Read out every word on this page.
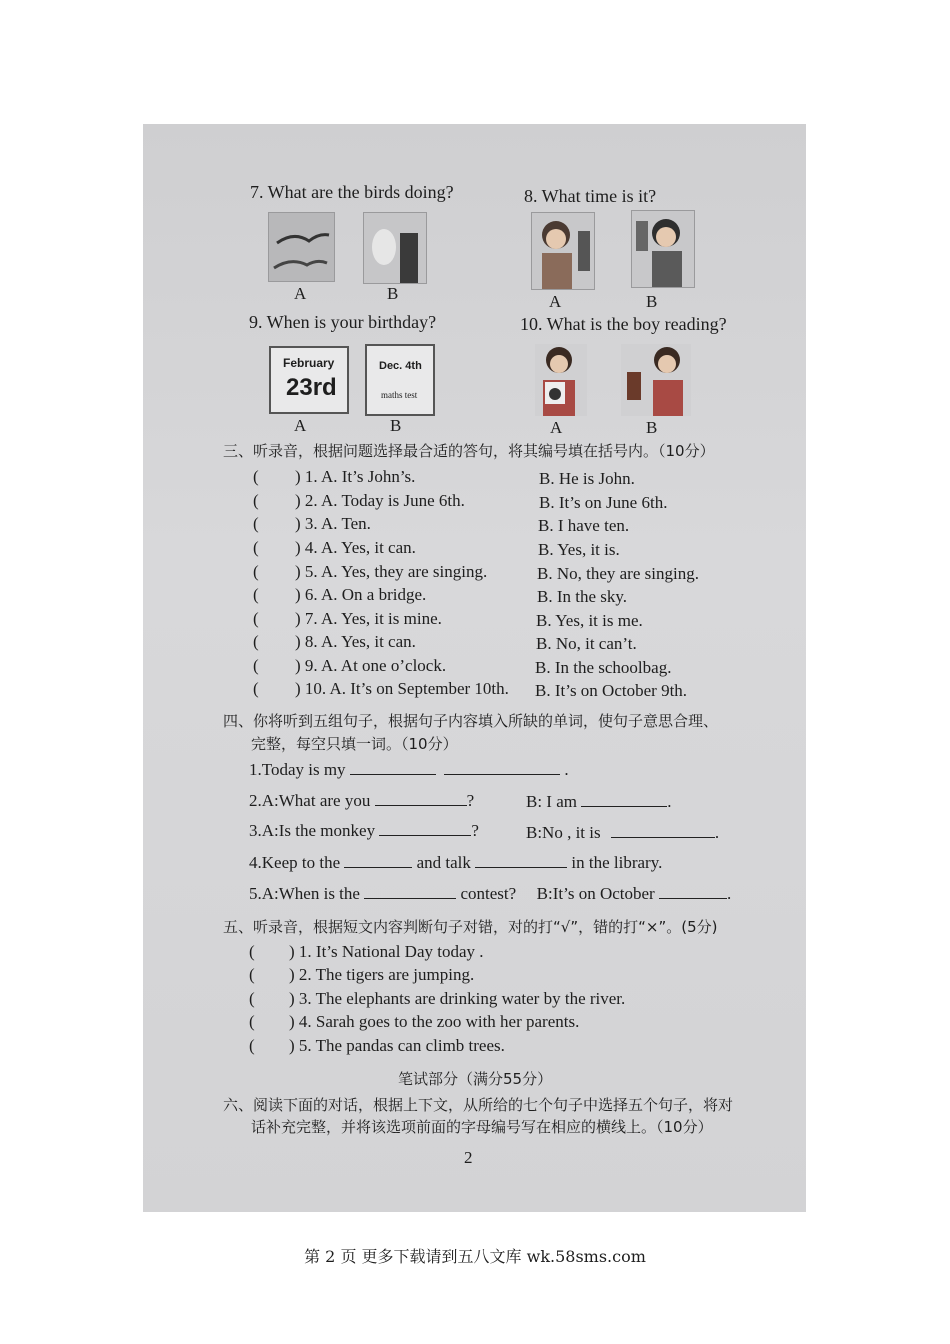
7. What are the birds doing?
A	B
8. What time is it?
A	B
9. When is your birthday?
February
23rd
Dec. 4th
maths test
A	B
10. What is the boy reading?
A	B
三、听录音，根据问题选择最合适的答句，将其编号填在括号内。（10分）
( ) 1. A. It’s John’s.	B. He is John.
( ) 2. A. Today is June 6th.	B. It’s on June 6th.
( ) 3. A. Ten.	B. I have ten.
( ) 4. A. Yes, it can.	B. Yes, it is.
( ) 5. A. Yes, they are singing.	B. No, they are singing.
( ) 6. A. On a bridge.	B. In the sky.
( ) 7. A. Yes, it is mine.	B. Yes, it is me.
( ) 8. A. Yes, it can.	B. No, it can’t.
( ) 9. A. At one o’clock.	B. In the schoolbag.
( ) 10. A. It’s on September 10th. B. It’s on October 9th.
四、你将听到五组句子，根据句子内容填入所缺的单词，使句子意思合理、
完整，每空只填一词。（10分）
1.Today is my	.
2.A:What are you	?	B: I am	.
3.A:Is the monkey	?	B:No , it is	.
4.Keep to the	and talk	in the library.
5.A:When is the	contest? B:It’s on October	.
五、听录音，根据短文内容判断句子对错，对的打“√”，错的打“×”。(5分)
( ) 1. It’s National Day today .
( ) 2. The tigers are jumping.
( ) 3. The elephants are drinking water by the river.
( ) 4. Sarah goes to the zoo with her parents.
( ) 5. The pandas can climb trees.
笔试部分（满分55分）
六、阅读下面的对话，根据上下文，从所给的七个句子中选择五个句子，将对
话补充完整，并将该选项前面的字母编号写在相应的横线上。（10分）
2
第 2 页 更多下载请到五八文库 wk.58sms.com
